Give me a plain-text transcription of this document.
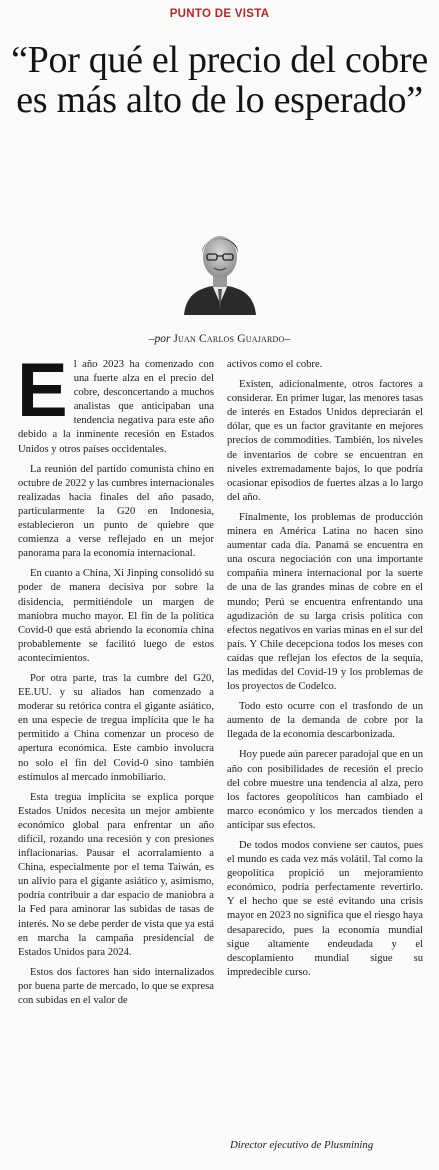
PUNTO DE VISTA
“Por qué el precio del cobre es más alto de lo esperado”
–por Juan Carlos Guajardo–

El año 2023 ha comenzado con una fuerte alza en el precio del cobre, desconcertando a muchos analistas que anticipaban una tendencia negativa para este año debido a la inminente recesión en Estados Unidos y otros países occidentales.

La reunión del partido comunista chino en octubre de 2022 y las cumbres internacionales realizadas hacia finales del año pasado, particularmente la G20 en Indonesia, establecieron un punto de quiebre que comienza a verse reflejado en un mejor panorama para la economía internacional.

En cuanto a China, Xi Jinping consolidó su poder de manera decisiva por sobre la disidencia, permitiéndole un margen de maniobra mucho mayor. El fin de la política Covid-0 que está abriendo la economía china probablemente se facilitó luego de estos acontecimientos.

Por otra parte, tras la cumbre del G20, EE.UU. y su aliados han comenzado a moderar su retórica contra el gigante asiático, en una especie de tregua implícita que le ha permitido a China comenzar un proceso de apertura económica. Este cambio involucra no solo el fin del Covid-0 sino también estímulos al mercado inmobiliario.

Esta tregua implícita se explica porque Estados Unidos necesita un mejor ambiente económico global para enfrentar un año difícil, rozando una recesión y con presiones inflacionarias. Pausar el acorralamiento a China, especialmente por el tema Taiwán, es un alivio para el gigante asiático y, asimismo, podría contribuir a dar espacio de maniobra a la Fed para aminorar las subidas de tasas de interés. No se debe perder de vista que ya está en marcha la campaña presidencial de Estados Unidos para 2024.

Estos dos factores han sido internalizados por buena parte de mercado, lo que se expresa con subidas en el valor de

activos como el cobre.

Existen, adicionalmente, otros factores a considerar. En primer lugar, las menores tasas de interés en Estados Unidos depreciarán el dólar, que es un factor gravitante en mejores precios de commodities. También, los niveles de inventarios de cobre se encuentran en niveles extremadamente bajos, lo que podría ocasionar episodios de fuertes alzas a lo largo del año.

Finalmente, los problemas de producción minera en América Latina no hacen sino aumentar cada día. Panamá se encuentra en una oscura negociación con una importante compañía minera internacional por la suerte de una de las grandes minas de cobre en el mundo; Perú se encuentra enfrentando una agudización de su larga crisis política con efectos negativos en varias minas en el sur del país. Y Chile decepciona todos los meses con caídas que reflejan los efectos de la sequía, las medidas del Covid-19 y los problemas de los proyectos de Codelco.

Todo esto ocurre con el trasfondo de un aumento de la demanda de cobre por la llegada de la economía descarbonizada.

Hoy puede aún parecer paradojal que en un año con posibilidades de recesión el precio del cobre muestre una tendencia al alza, pero los factores geopolíticos han cambiado el marco económico y los mercados tienden a anticipar sus efectos.

De todos modos conviene ser cautos, pues el mundo es cada vez más volátil. Tal como la geopolítica propició un mejoramiento económico, podría perfectamente revertirlo. Y el hecho que se esté evitando una crisis mayor en 2023 no significa que el riesgo haya desaparecido, pues la economía mundial sigue altamente endeudada y el descoplamiento mundial sigue su impredecible curso.

Director ejecutivo de Plusmining
